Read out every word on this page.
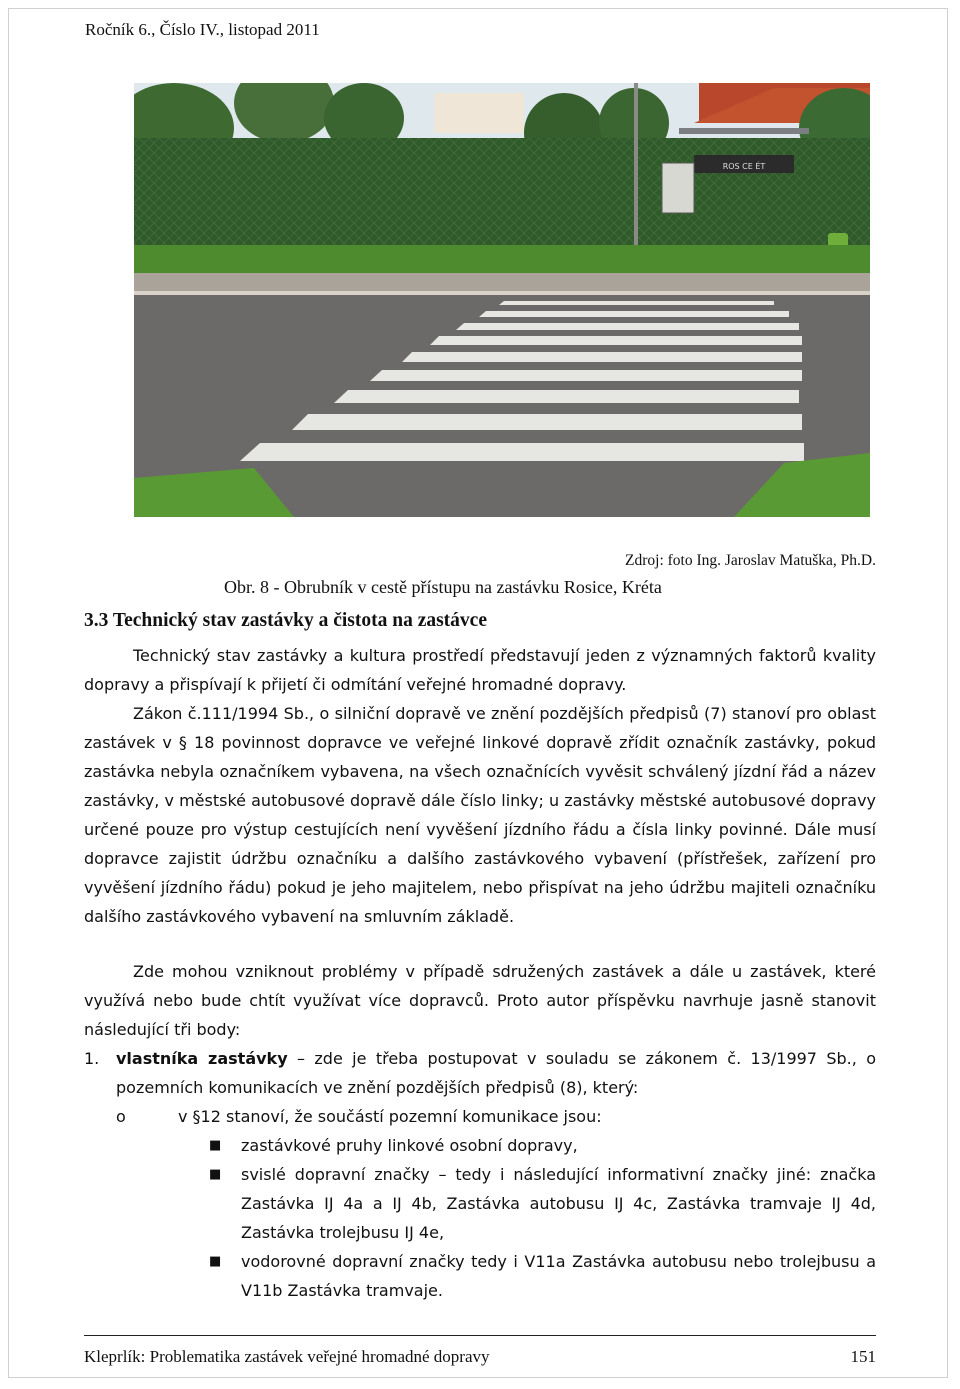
Ročník 6., Číslo IV., listopad 2011
ROS CE ÉT
Zdroj: foto Ing. Jaroslav Matuška, Ph.D.
Obr. 8 - Obrubník v cestě přístupu na zastávku Rosice, Kréta
3.3 Technický stav zastávky a čistota na zastávce
Technický stav zastávky a kultura prostředí představují jeden z významných faktorů kvality dopravy a přispívají k přijetí či odmítání veřejné hromadné dopravy.
Zákon č.111/1994 Sb., o silniční dopravě ve znění pozdějších předpisů (7) stanoví pro oblast zastávek v § 18 povinnost dopravce ve veřejné linkové dopravě zřídit označník zastávky, pokud zastávka nebyla označníkem vybavena, na všech označnících vyvěsit schválený jízdní řád a název zastávky, v městské autobusové dopravě dále číslo linky; u zastávky městské autobusové dopravy určené pouze pro výstup cestujících není vyvěšení jízdního řádu a čísla linky povinné. Dále musí dopravce zajistit údržbu označníku a dalšího zastávkového vybavení (přístřešek, zařízení pro vyvěšení jízdního řádu) pokud je jeho majitelem, nebo přispívat na jeho údržbu majiteli označníku dalšího zastávkového vybavení na smluvním základě.
Zde mohou vzniknout problémy v případě sdružených zastávek a dále u zastávek, které využívá nebo bude chtít využívat více dopravců. Proto autor příspěvku navrhuje jasně stanovit následující tři body:
1. vlastníka zastávky – zde je třeba postupovat v souladu se zákonem č. 13/1997 Sb., o pozemních komunikacích ve znění pozdějších předpisů (8), který:
o	v §12 stanoví, že součástí pozemní komunikace jsou:
■ zastávkové pruhy linkové osobní dopravy,
■ svislé dopravní značky – tedy i následující informativní značky jiné: značka Zastávka IJ 4a a IJ 4b, Zastávka autobusu IJ 4c, Zastávka tramvaje IJ 4d, Zastávka trolejbusu IJ 4e,
■ vodorovné dopravní značky tedy i V11a Zastávka autobusu nebo trolejbusu a V11b Zastávka tramvaje.
Kleprlík: Problematika zastávek veřejné hromadné dopravy	151
